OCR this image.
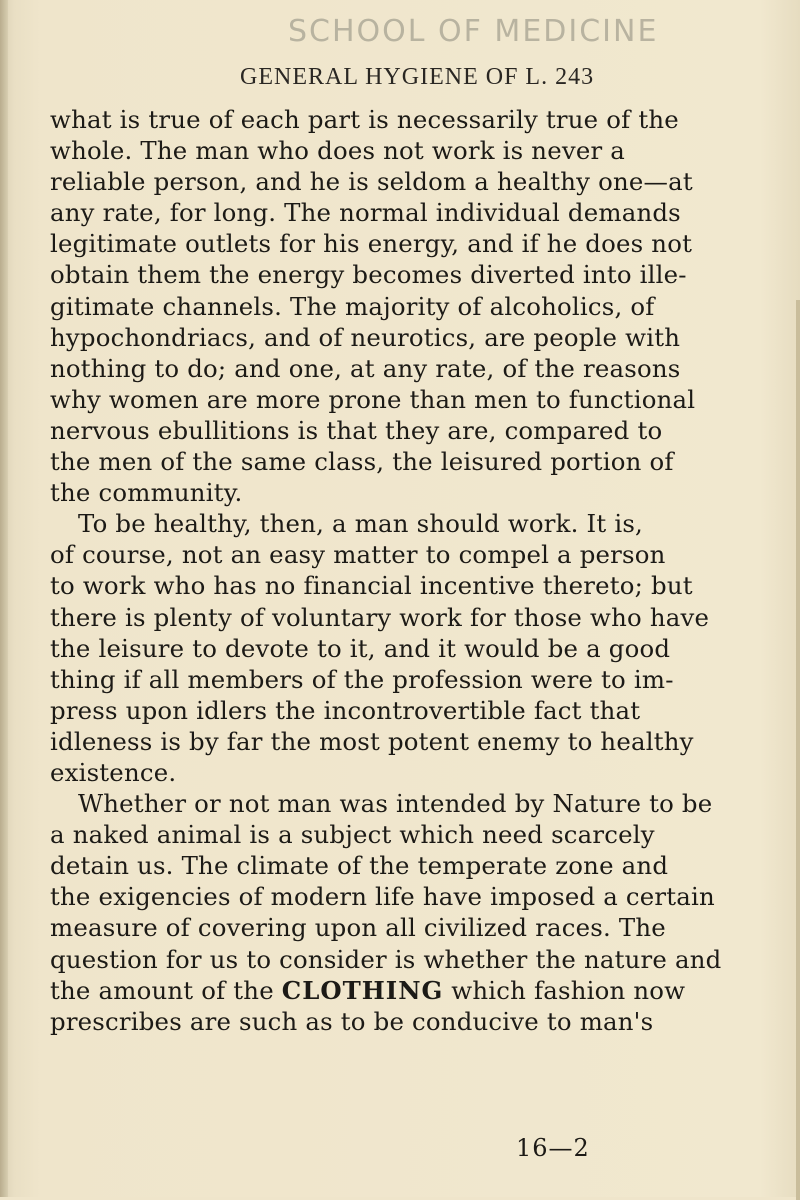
SCHOOL OF MEDICINE
GENERAL HYGIENE OF L. 243
what is true of each part is necessarily true of the
whole. The man who does not work is never a
reliable person, and he is seldom a healthy one—at
any rate, for long. The normal individual demands
legitimate outlets for his energy, and if he does not
obtain them the energy becomes diverted into ille-
gitimate channels. The majority of alcoholics, of
hypochondriacs, and of neurotics, are people with
nothing to do; and one, at any rate, of the reasons
why women are more prone than men to functional
nervous ebullitions is that they are, compared to
the men of the same class, the leisured portion of
the community.
To be healthy, then, a man should work. It is,
of course, not an easy matter to compel a person
to work who has no financial incentive thereto; but
there is plenty of voluntary work for those who have
the leisure to devote to it, and it would be a good
thing if all members of the profession were to im-
press upon idlers the incontrovertible fact that
idleness is by far the most potent enemy to healthy
existence.
Whether or not man was intended by Nature to be
a naked animal is a subject which need scarcely
detain us. The climate of the temperate zone and
the exigencies of modern life have imposed a certain
measure of covering upon all civilized races. The
question for us to consider is whether the nature and
the amount of the CLOTHING which fashion now
prescribes are such as to be conducive to man's
16—2
